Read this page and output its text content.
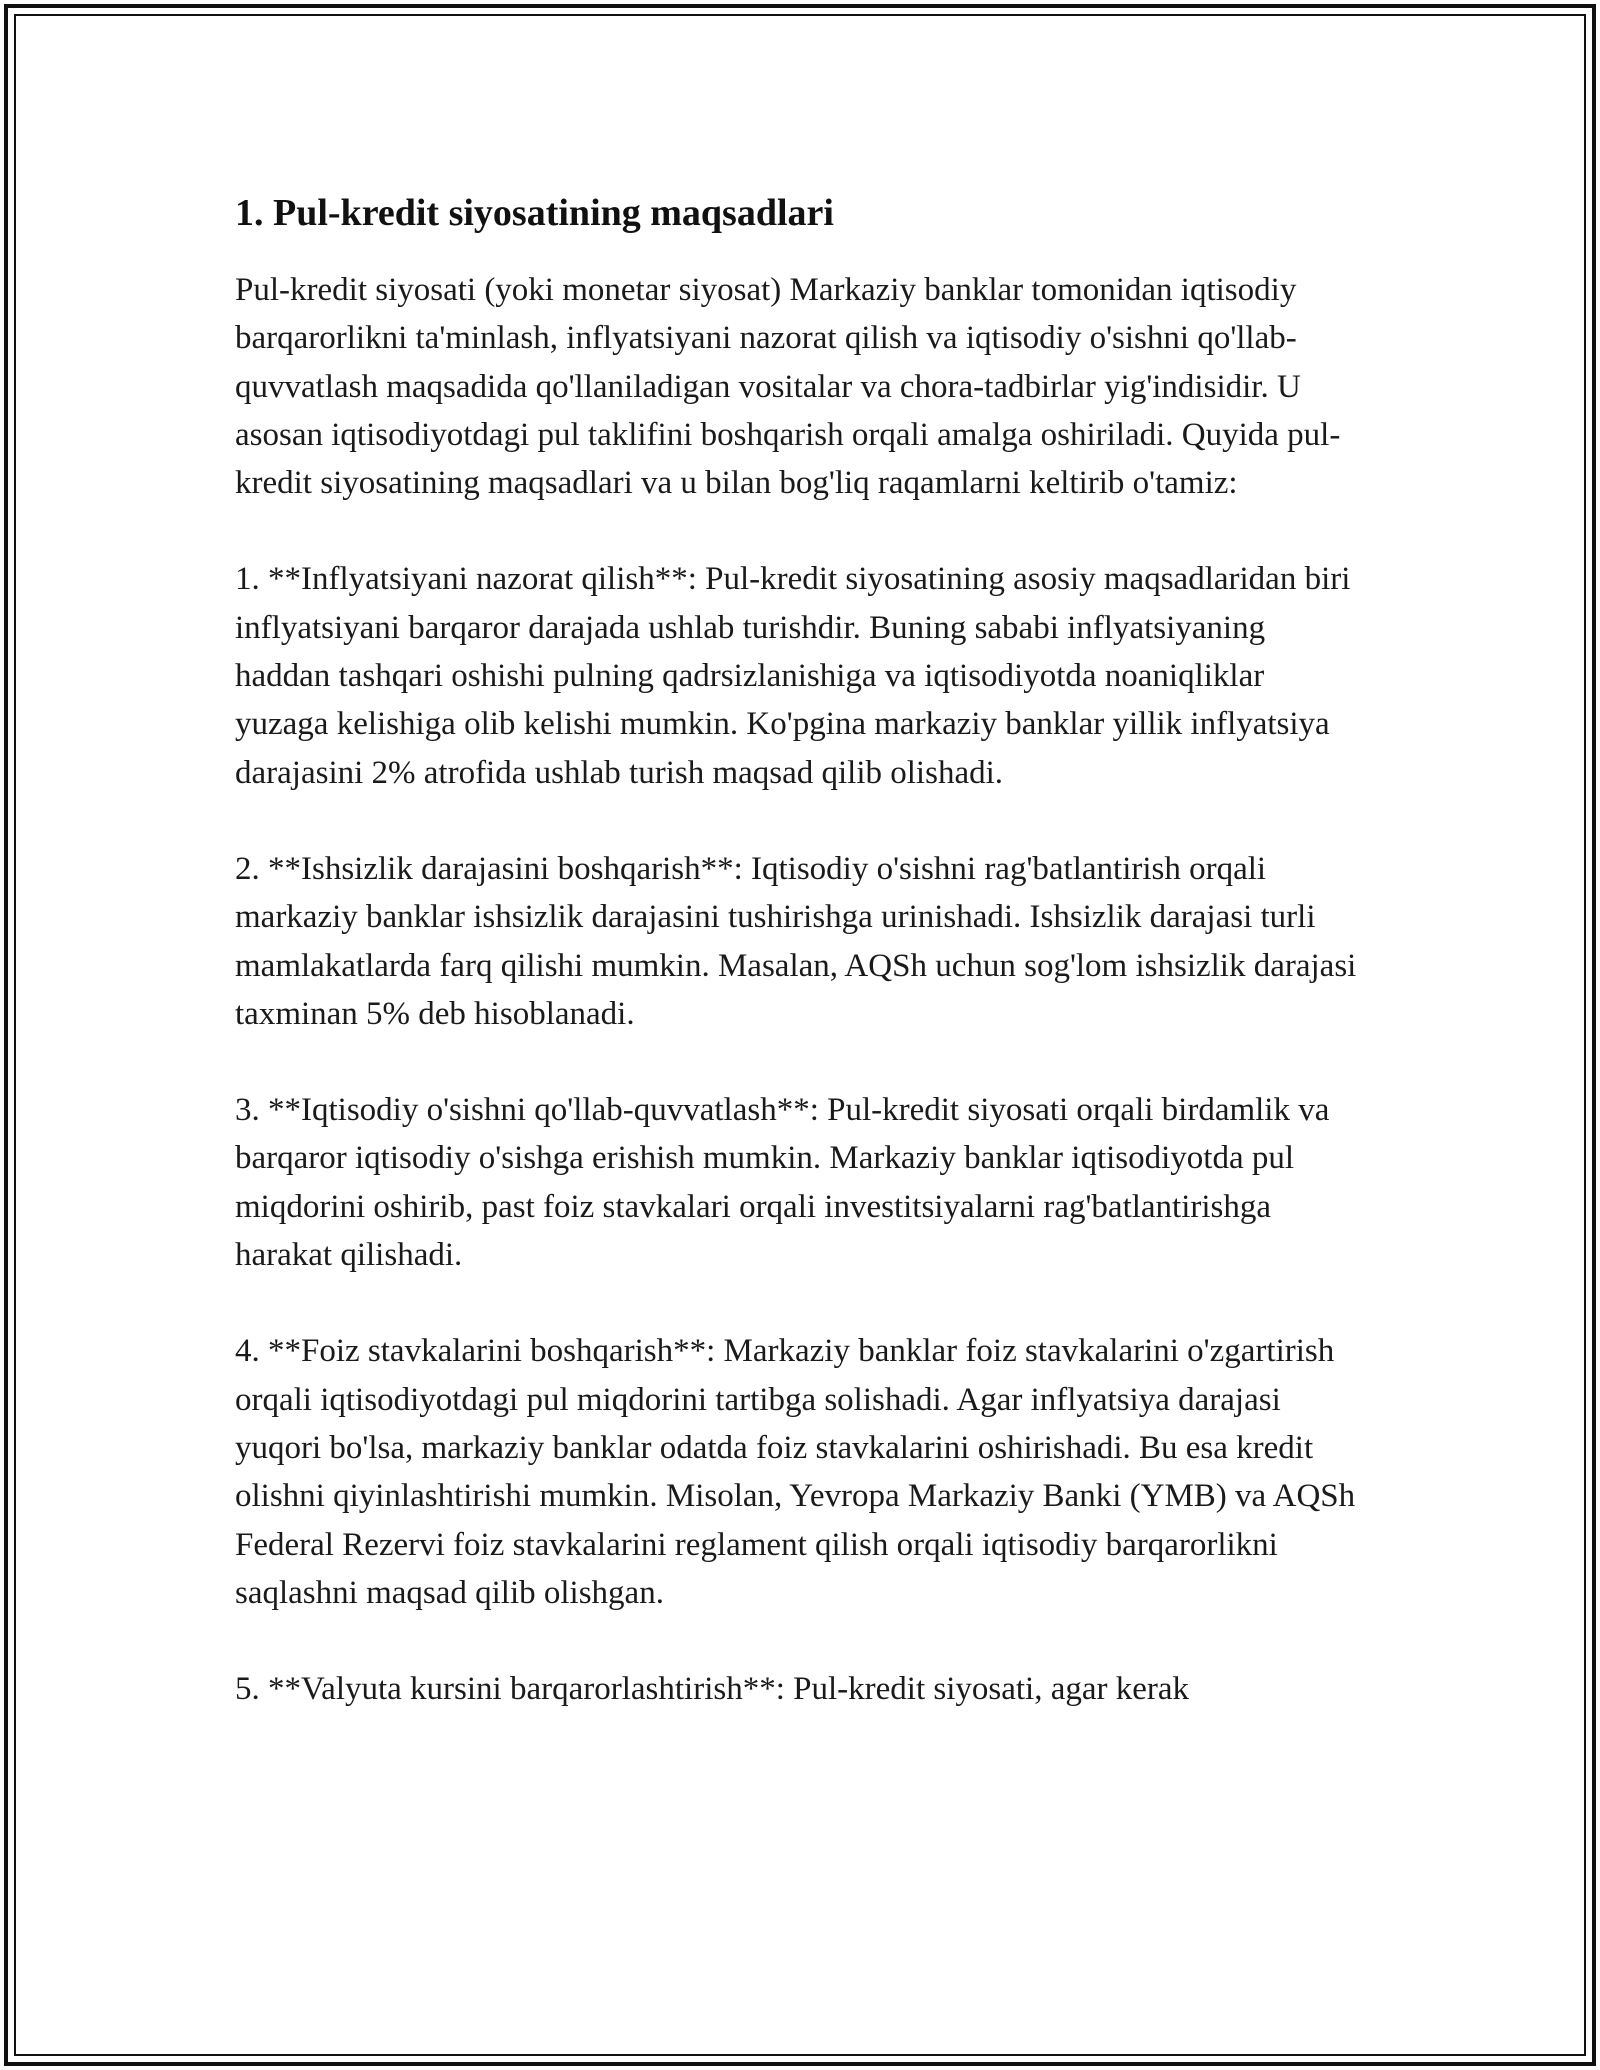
1. Pul-kredit siyosatining maqsadlari

Pul-kredit siyosati (yoki monetar siyosat) Markaziy banklar tomonidan iqtisodiy barqarorlikni ta'minlash, inflyatsiyani nazorat qilish va iqtisodiy o'sishni qo'llab-quvvatlash maqsadida qo'llaniladigan vositalar va chora-tadbirlar yig'indisidir. U asosan iqtisodiyotdagi pul taklifini boshqarish orqali amalga oshiriladi. Quyida pul-kredit siyosatining maqsadlari va u bilan bog'liq raqamlarni keltirib o'tamiz:

1. **Inflyatsiyani nazorat qilish**: Pul-kredit siyosatining asosiy maqsadlaridan biri inflyatsiyani barqaror darajada ushlab turishdir. Buning sababi inflyatsiyaning haddan tashqari oshishi pulning qadrsizlanishiga va iqtisodiyotda noaniqliklar yuzaga kelishiga olib kelishi mumkin. Ko'pgina markaziy banklar yillik inflyatsiya darajasini 2% atrofida ushlab turish maqsad qilib olishadi.

2. **Ishsizlik darajasini boshqarish**: Iqtisodiy o'sishni rag'batlantirish orqali markaziy banklar ishsizlik darajasini tushirishga urinishadi. Ishsizlik darajasi turli mamlakatlarda farq qilishi mumkin. Masalan, AQSh uchun sog'lom ishsizlik darajasi taxminan 5% deb hisoblanadi.

3. **Iqtisodiy o'sishni qo'llab-quvvatlash**: Pul-kredit siyosati orqali birdamlik va barqaror iqtisodiy o'sishga erishish mumkin. Markaziy banklar iqtisodiyotda pul miqdorini oshirib, past foiz stavkalari orqali investitsiyalarni rag'batlantirishga harakat qilishadi.

4. **Foiz stavkalarini boshqarish**: Markaziy banklar foiz stavkalarini o'zgartirish orqali iqtisodiyotdagi pul miqdorini tartibga solishadi. Agar inflyatsiya darajasi yuqori bo'lsa, markaziy banklar odatda foiz stavkalarini oshirishadi. Bu esa kredit olishni qiyinlashtirishi mumkin. Misolan, Yevropa Markaziy Banki (YMB) va AQSh Federal Rezervi foiz stavkalarini reglament qilish orqali iqtisodiy barqarorlikni saqlashni maqsad qilib olishgan.

5. **Valyuta kursini barqarorlashtirish**: Pul-kredit siyosati, agar kerak
